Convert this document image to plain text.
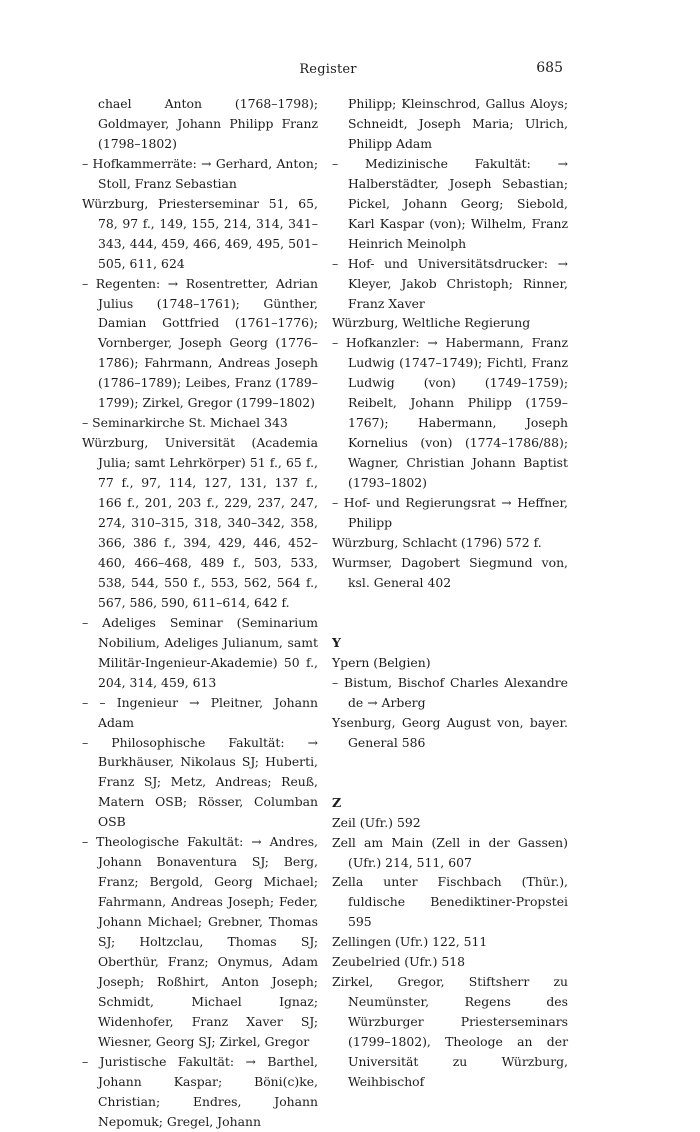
Register	685

chael Anton (1768–1798); Goldmayer, Johann Philipp Franz (1798–1802)

– Hofkammerräte: → Gerhard, Anton; Stoll, Franz Sebastian

Würzburg, Priesterseminar 51, 65, 78, 97 f., 149, 155, 214, 314, 341–343, 444, 459, 466, 469, 495, 501–505, 611, 624

– Regenten: → Rosentretter, Adrian Julius (1748–1761); Günther, Damian Gottfried (1761–1776); Vornberger, Joseph Georg (1776–1786); Fahrmann, Andreas Joseph (1786–1789); Leibes, Franz (1789–1799); Zirkel, Gregor (1799–1802)

– Seminarkirche St. Michael 343

Würzburg, Universität (Academia Julia; samt Lehrkörper) 51 f., 65 f., 77 f., 97, 114, 127, 131, 137 f., 166 f., 201, 203 f., 229, 237, 247, 274, 310–315, 318, 340–342, 358, 366, 386 f., 394, 429, 446, 452–460, 466–468, 489 f., 503, 533, 538, 544, 550 f., 553, 562, 564 f., 567, 586, 590, 611–614, 642 f.

– Adeliges Seminar (Seminarium Nobilium, Adeliges Julianum, samt Militär-Ingenieur-Akademie) 50 f., 204, 314, 459, 613

– – Ingenieur → Pleitner, Johann Adam

– Philosophische Fakultät: → Burkhäuser, Nikolaus SJ; Huberti, Franz SJ; Metz, Andreas; Reuß, Matern OSB; Rösser, Columban OSB

– Theologische Fakultät: → Andres, Johann Bonaventura SJ; Berg, Franz; Bergold, Georg Michael; Fahrmann, Andreas Joseph; Feder, Johann Michael; Grebner, Thomas SJ; Holtzclau, Thomas SJ; Oberthür, Franz; Onymus, Adam Joseph; Roßhirt, Anton Joseph; Schmidt, Michael Ignaz; Widenhofer, Franz Xaver SJ; Wiesner, Georg SJ; Zirkel, Gregor

– Juristische Fakultät: → Barthel, Johann Kaspar; Böni(c)ke, Christian; Endres, Johann Nepomuk; Gregel, Johann

Philipp; Kleinschrod, Gallus Aloys; Schneidt, Joseph Maria; Ulrich, Philipp Adam

– Medizinische Fakultät: → Halberstädter, Joseph Sebastian; Pickel, Johann Georg; Siebold, Karl Kaspar (von); Wilhelm, Franz Heinrich Meinolph

– Hof- und Universitätsdrucker: → Kleyer, Jakob Christoph; Rinner, Franz Xaver

Würzburg, Weltliche Regierung

– Hofkanzler: → Habermann, Franz Ludwig (1747–1749); Fichtl, Franz Ludwig (von) (1749–1759); Reibelt, Johann Philipp (1759–1767); Habermann, Joseph Kornelius (von) (1774–1786/88); Wagner, Christian Johann Baptist (1793–1802)

– Hof- und Regierungsrat → Heffner, Philipp

Würzburg, Schlacht (1796) 572 f.

Wurmser, Dagobert Siegmund von, ksl. General 402

Y

Ypern (Belgien)

– Bistum, Bischof Charles Alexandre de → Arberg

Ysenburg, Georg August von, bayer. General 586

Z

Zeil (Ufr.) 592

Zell am Main (Zell in der Gassen) (Ufr.) 214, 511, 607

Zella unter Fischbach (Thür.), fuldische Benediktiner-Propstei 595

Zellingen (Ufr.) 122, 511

Zeubelried (Ufr.) 518

Zirkel, Gregor, Stiftsherr zu Neumünster, Regens des Würzburger Priesterseminars (1799–1802), Theologe an der Universität zu Würzburg, Weihbischof
